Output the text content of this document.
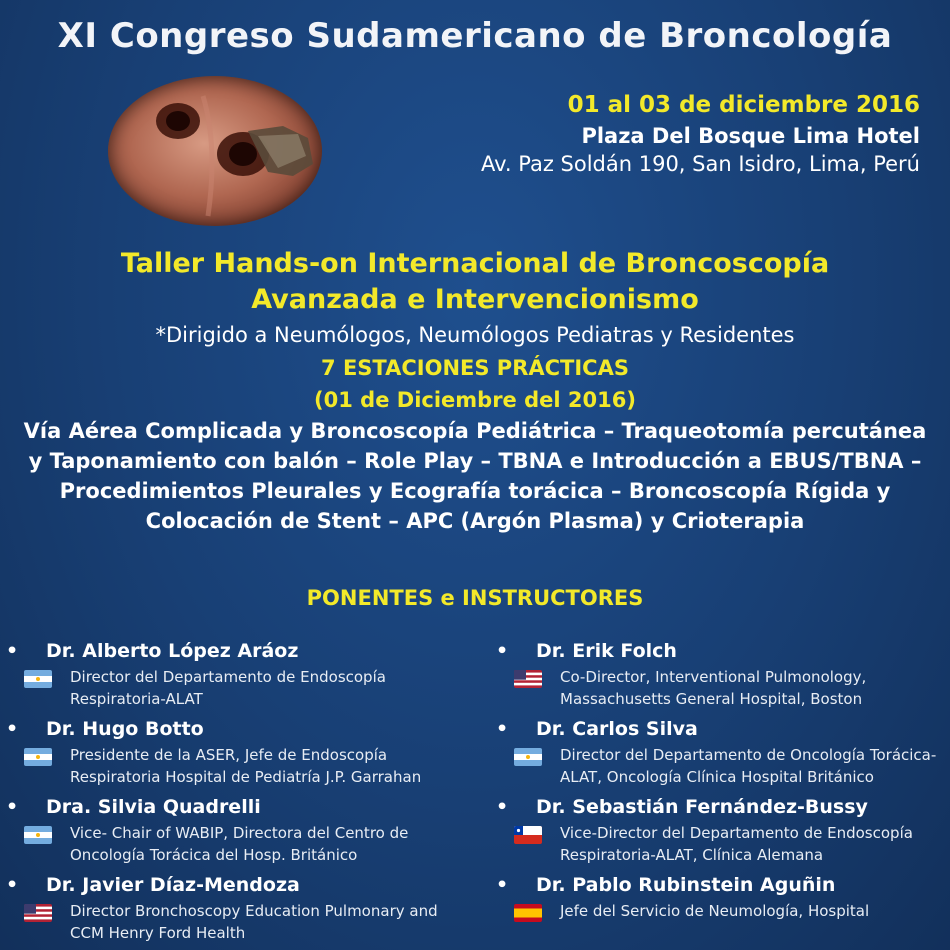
XI Congreso Sudamericano de Broncología
01 al 03 de diciembre 2016
Plaza Del Bosque Lima Hotel
Av. Paz Soldán 190, San Isidro, Lima, Perú
Taller Hands-on Internacional de Broncoscopía
Avanzada e Intervencionismo
*Dirigido a Neumólogos, Neumólogos Pediatras y Residentes
7 ESTACIONES PRÁCTICAS
(01 de Diciembre del 2016)
Vía Aérea Complicada y Broncoscopía Pediátrica – Traqueotomía percutánea y Taponamiento con balón – Role Play – TBNA e Introducción a EBUS/TBNA – Procedimientos Pleurales y Ecografía torácica – Broncoscopía Rígida y Colocación de Stent – APC (Argón Plasma) y Crioterapia
PONENTES e INSTRUCTORES
• Dr. Alberto López Aráoz
Director del Departamento de Endoscopía Respiratoria-ALAT
• Dr. Hugo Botto
Presidente de la ASER, Jefe de Endoscopía Respiratoria Hospital de Pediatría J.P. Garrahan
• Dra. Silvia Quadrelli
Vice- Chair of WABIP, Directora del Centro de Oncología Torácica del Hosp. Británico
• Dr. Javier Díaz-Mendoza
Director Bronchoscopy Education Pulmonary and CCM Henry Ford Health
• Dr. Erik Folch
Co-Director, Interventional Pulmonology, Massachusetts General Hospital, Boston
• Dr. Carlos Silva
Director del Departamento de Oncología Torácica-ALAT, Oncología Clínica Hospital Británico
• Dr. Sebastián Fernández-Bussy
Vice-Director del Departamento de Endoscopía Respiratoria-ALAT, Clínica Alemana
• Dr. Pablo Rubinstein Aguñin
Jefe del Servicio de Neumología, Hospital
